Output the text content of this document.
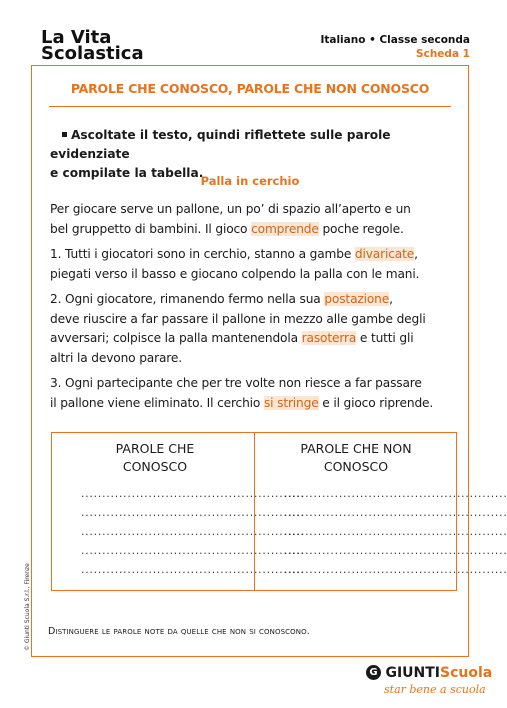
La Vita
Scolastica
Italiano • Classe seconda
Scheda 1
PAROLE CHE CONOSCO, PAROLE CHE NON CONOSCO
Ascoltate il testo, quindi riflettete sulle parole evidenziate
e compilate la tabella.
Palla in cerchio

Per giocare serve un pallone, un po’ di spazio all’aperto e un
bel gruppetto di bambini. Il gioco comprende poche regole.

1. Tutti i giocatori sono in cerchio, stanno a gambe divaricate,
piegati verso il basso e giocano colpendo la palla con le mani.

2. Ogni giocatore, rimanendo fermo nella sua postazione,
deve riuscire a far passare il pallone in mezzo alle gambe degli
avversari; colpisce la palla mantenendola rasoterra e tutti gli
altri la devono parare.

3. Ogni partecipante che per tre volte non riesce a far passare
il pallone viene eliminato. Il cerchio si stringe e il gioco riprende.

PAROLE CHE
CONOSCO
PAROLE CHE NON
CONOSCO
.....................................................
.....................................................
.....................................................
.....................................................
.....................................................
.....................................................
.....................................................
.....................................................
.....................................................
.....................................................
Distinguere le parole note da quelle che non si conoscono.
© Giunti Scuola S.r.l., Firenze
G GIUNTIScuola
star bene a scuola
